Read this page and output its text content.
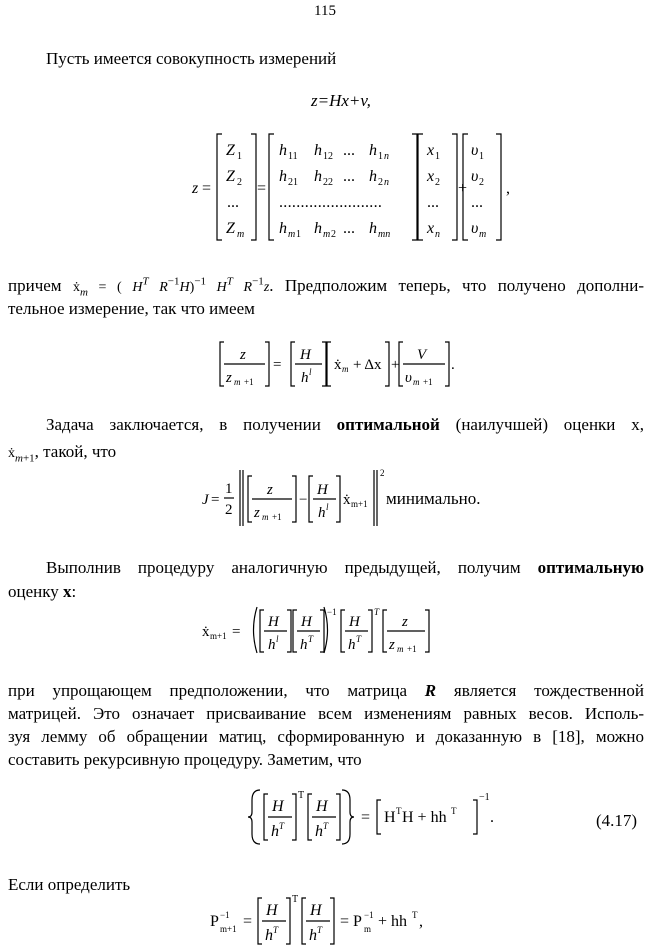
115
Пусть имеется совокупность измерений
z=Hx+v,
z =
Z 1
Z 2
...
Z m
=
h 11 h 12 ... h 1 n
h 21 h 22 ... h 2 n
........................
h m 1 h m 2 ... h mn
x 1
x 2
...
x n
+
υ 1
υ 2
...
υ m
,
причем ẋ$_m$ = ( $H^T$ $R^{-1}H)^{-1}$ $H^T$ $R^{-1}z$. Предположим теперь, что получено дополни-
тельное измерение, так что имеем
z
z m +1
=
H
h l ẋ m + Δx +
V
υ m +1
.
Задача заключается, в получении оптимальной (наилучшей) оценки x,
ẋ$_{m+1}$, такой, что
J =
1
2
z
z m +1
−
H
h l ẋ m+1
2
минимально.
Выполнив процедуру аналогичную предыдущей, получим оптимальную
оценку x:
ẋ m+1 =
H
h l
H
h T
−1
H
h T
T
z
z m +1
при упрощающем предположении, что матрица R является тождественной
матрицей. Это означает присваивание всем изменениям равных весов. Исполь-
зуя лемму об обращении матиц, сформированную и доказанную в [18], можно
составить рекурсивную процедуру. Заметим, что
H
h T
T
H
h T = H T H + hh T
−1
.	(4.17)
Если определить
P −1
m+1 =
H
h T
T
H
h T = P −1
m + hh T ,
